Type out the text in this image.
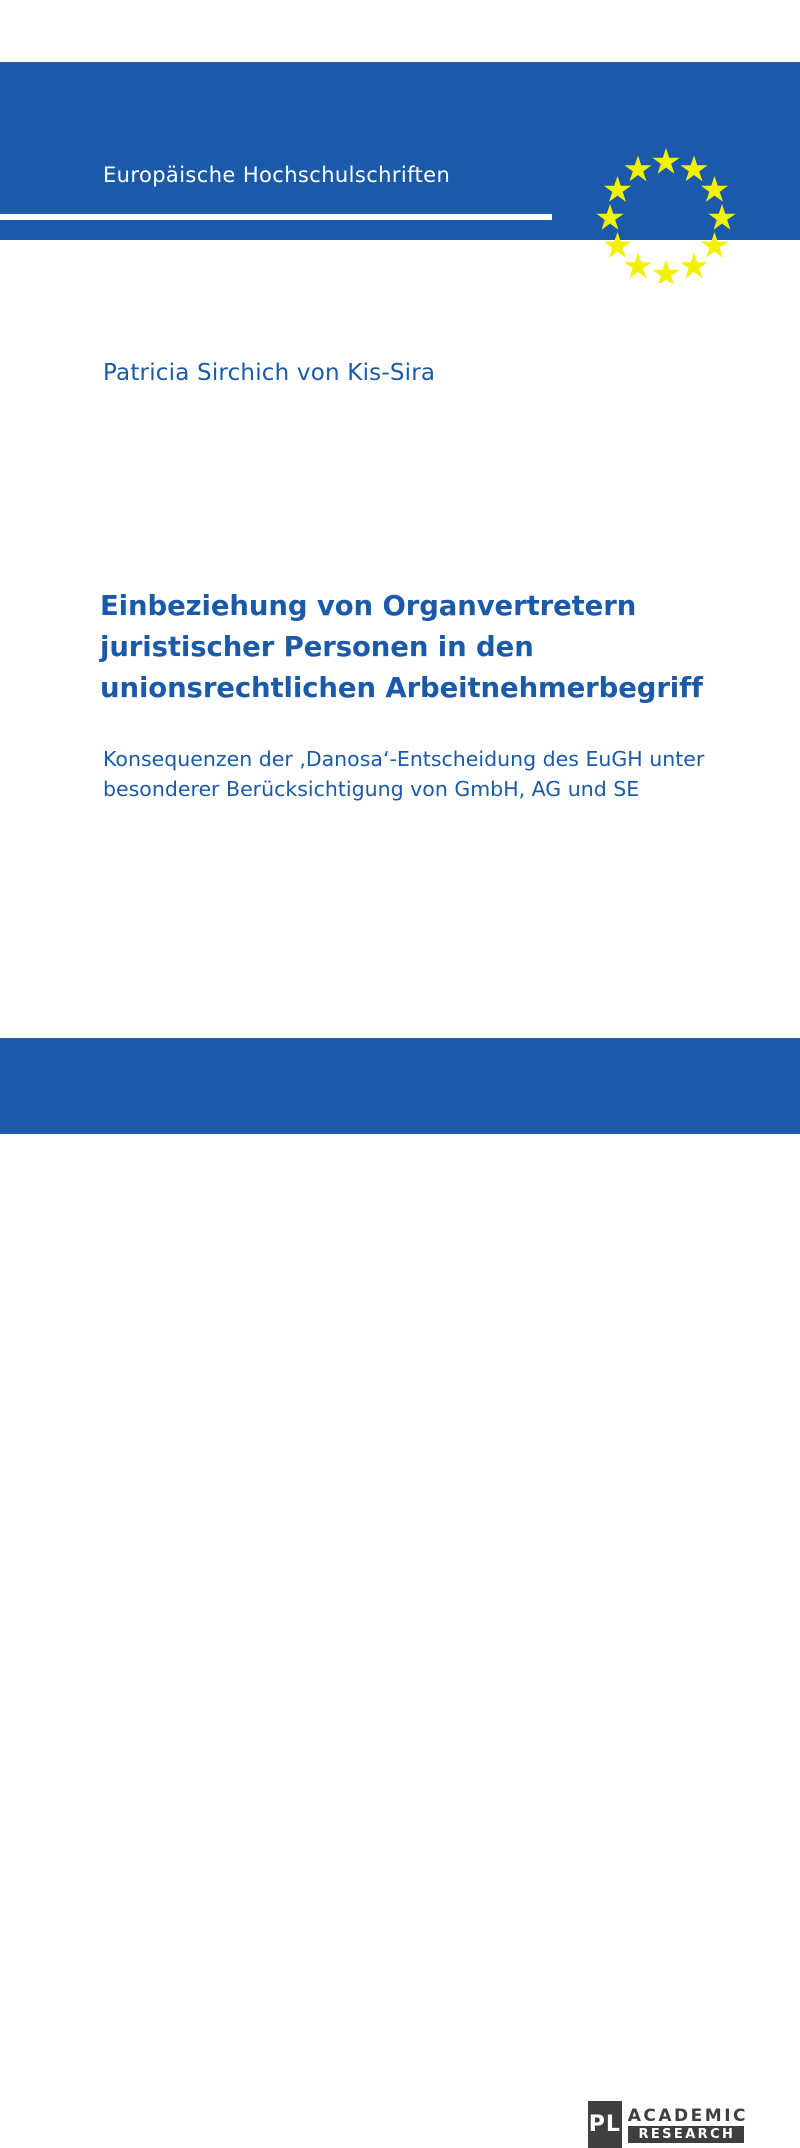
Europäische Hochschulschriften
Rechtswissenschaft
Patricia Sirchich von Kis-Sira
Einbeziehung von Organvertretern juristischer Personen in den unionsrechtlichen Arbeitnehmerbegriff
Konsequenzen der ‚Danosa‘-Entscheidung des EuGH unter besonderer Berücksichtigung von GmbH, AG und SE
PL ACADEMIC
RESEARCH
